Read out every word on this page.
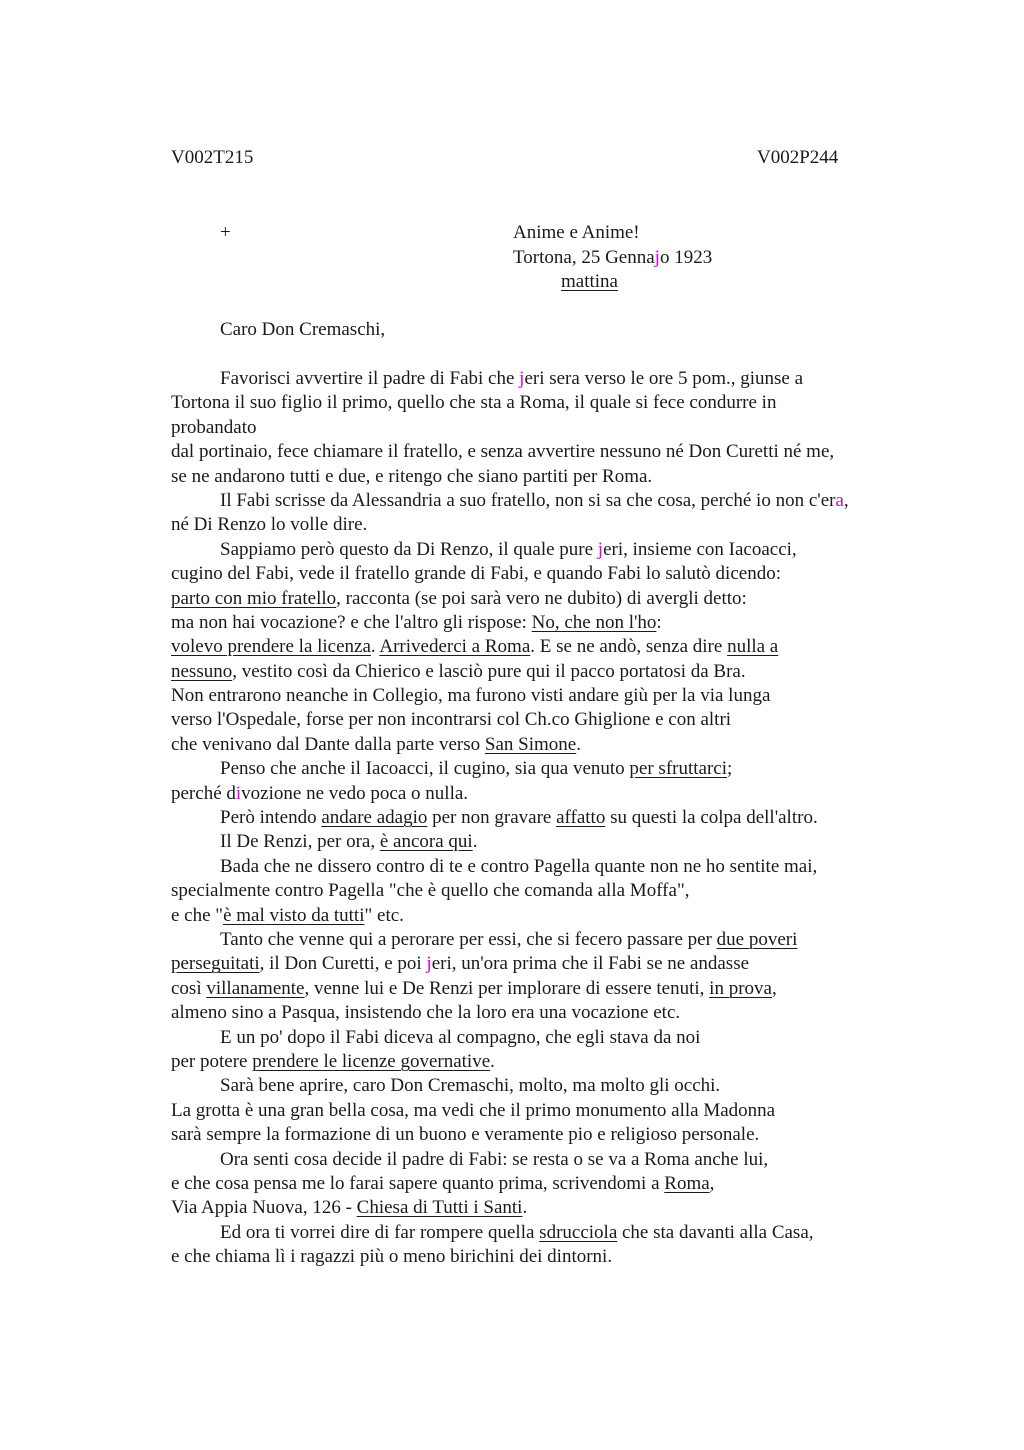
V002T215	V002P244
+	Anime e Anime!
Tortona, 25 Gennajo 1923
mattina
Caro Don Cremaschi,
Favorisci avvertire il padre di Fabi che jeri sera verso le ore 5 pom., giunse a
Tortona il suo figlio il primo, quello che sta a Roma, il quale si fece condurre in
probandato
dal portinaio, fece chiamare il fratello, e senza avvertire nessuno né Don Curetti né me,
se ne andarono tutti e due, e ritengo che siano partiti per Roma.
Il Fabi scrisse da Alessandria a suo fratello, non si sa che cosa, perché io non c'era,
né Di Renzo lo volle dire.
Sappiamo però questo da Di Renzo, il quale pure jeri, insieme con Iacoacci,
cugino del Fabi, vede il fratello grande di Fabi, e quando Fabi lo salutò dicendo:
parto con mio fratello, racconta (se poi sarà vero ne dubito) di avergli detto:
ma non hai vocazione? e che l'altro gli rispose: No, che non l'ho:
volevo prendere la licenza. Arrivederci a Roma. E se ne andò, senza dire nulla a
nessuno, vestito così da Chierico e lasciò pure qui il pacco portatosi da Bra.
Non entrarono neanche in Collegio, ma furono visti andare giù per la via lunga
verso l'Ospedale, forse per non incontrarsi col Ch.co Ghiglione e con altri
che venivano dal Dante dalla parte verso San Simone.
Penso che anche il Iacoacci, il cugino, sia qua venuto per sfruttarci;
perché divozione ne vedo poca o nulla.
Però intendo andare adagio per non gravare affatto su questi la colpa dell'altro.
Il De Renzi, per ora, è ancora qui.
Bada che ne dissero contro di te e contro Pagella quante non ne ho sentite mai,
specialmente contro Pagella "che è quello che comanda alla Moffa",
e che "è mal visto da tutti" etc.
Tanto che venne qui a perorare per essi, che si fecero passare per due poveri
perseguitati, il Don Curetti, e poi jeri, un'ora prima che il Fabi se ne andasse
così villanamente, venne lui e De Renzi per implorare di essere tenuti, in prova,
almeno sino a Pasqua, insistendo che la loro era una vocazione etc.
E un po' dopo il Fabi diceva al compagno, che egli stava da noi
per potere prendere le licenze governative.
Sarà bene aprire, caro Don Cremaschi, molto, ma molto gli occhi.
La grotta è una gran bella cosa, ma vedi che il primo monumento alla Madonna
sarà sempre la formazione di un buono e veramente pio e religioso personale.
Ora senti cosa decide il padre di Fabi: se resta o se va a Roma anche lui,
e che cosa pensa me lo farai sapere quanto prima, scrivendomi a Roma,
Via Appia Nuova, 126 - Chiesa di Tutti i Santi.
Ed ora ti vorrei dire di far rompere quella sdrucciola che sta davanti alla Casa,
e che chiama lì i ragazzi più o meno birichini dei dintorni.
